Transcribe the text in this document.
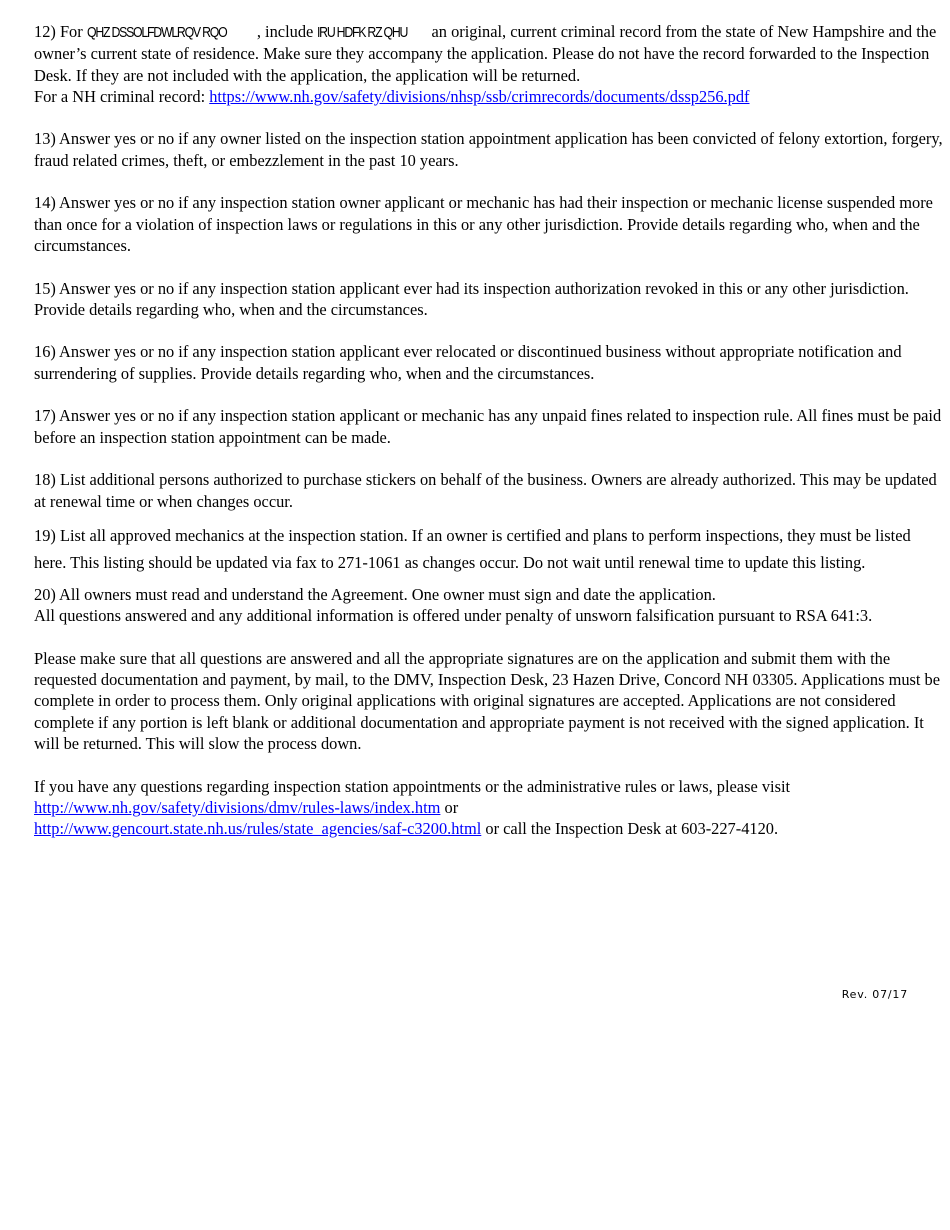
12) For QHZ DSSOLFDWLRQV RQO , include IRU HDFK RZ QHU an original, current criminal record from the state of New Hampshire and the owner’s current state of residence. Make sure they accompany the application. Please do not have the record forwarded to the Inspection Desk. If they are not included with the application, the application will be returned.
For a NH criminal record: https://www.nh.gov/safety/divisions/nhsp/ssb/crimrecords/documents/dssp256.pdf

13) Answer yes or no if any owner listed on the inspection station appointment application has been convicted of felony extortion, forgery, fraud related crimes, theft, or embezzlement in the past 10 years.

14) Answer yes or no if any inspection station owner applicant or mechanic has had their inspection or mechanic license suspended more than once for a violation of inspection laws or regulations in this or any other jurisdiction. Provide details regarding who, when and the circumstances.

15) Answer yes or no if any inspection station applicant ever had its inspection authorization revoked in this or any other jurisdiction. Provide details regarding who, when and the circumstances.

16) Answer yes or no if any inspection station applicant ever relocated or discontinued business without appropriate notification and surrendering of supplies. Provide details regarding who, when and the circumstances.

17) Answer yes or no if any inspection station applicant or mechanic has any unpaid fines related to inspection rule. All fines must be paid before an inspection station appointment can be made.

18) List additional persons authorized to purchase stickers on behalf of the business. Owners are already authorized. This may be updated at renewal time or when changes occur.

19) List all approved mechanics at the inspection station. If an owner is certified and plans to perform inspections, they must be listed here. This listing should be updated via fax to 271-1061 as changes occur. Do not wait until renewal time to update this listing.

20) All owners must read and understand the Agreement. One owner must sign and date the application.
All questions answered and any additional information is offered under penalty of unsworn falsification pursuant to RSA 641:3.

Please make sure that all questions are answered and all the appropriate signatures are on the application and submit them with the requested documentation and payment, by mail, to the DMV, Inspection Desk, 23 Hazen Drive, Concord NH 03305. Applications must be complete in order to process them. Only original applications with original signatures are accepted. Applications are not considered complete if any portion is left blank or additional documentation and appropriate payment is not received with the signed application. It will be returned. This will slow the process down.

If you have any questions regarding inspection station appointments or the administrative rules or laws, please visit
http://www.nh.gov/safety/divisions/dmv/rules-laws/index.htm or
http://www.gencourt.state.nh.us/rules/state_agencies/saf-c3200.html or call the Inspection Desk at 603-227-4120.

Rev. 07/17
